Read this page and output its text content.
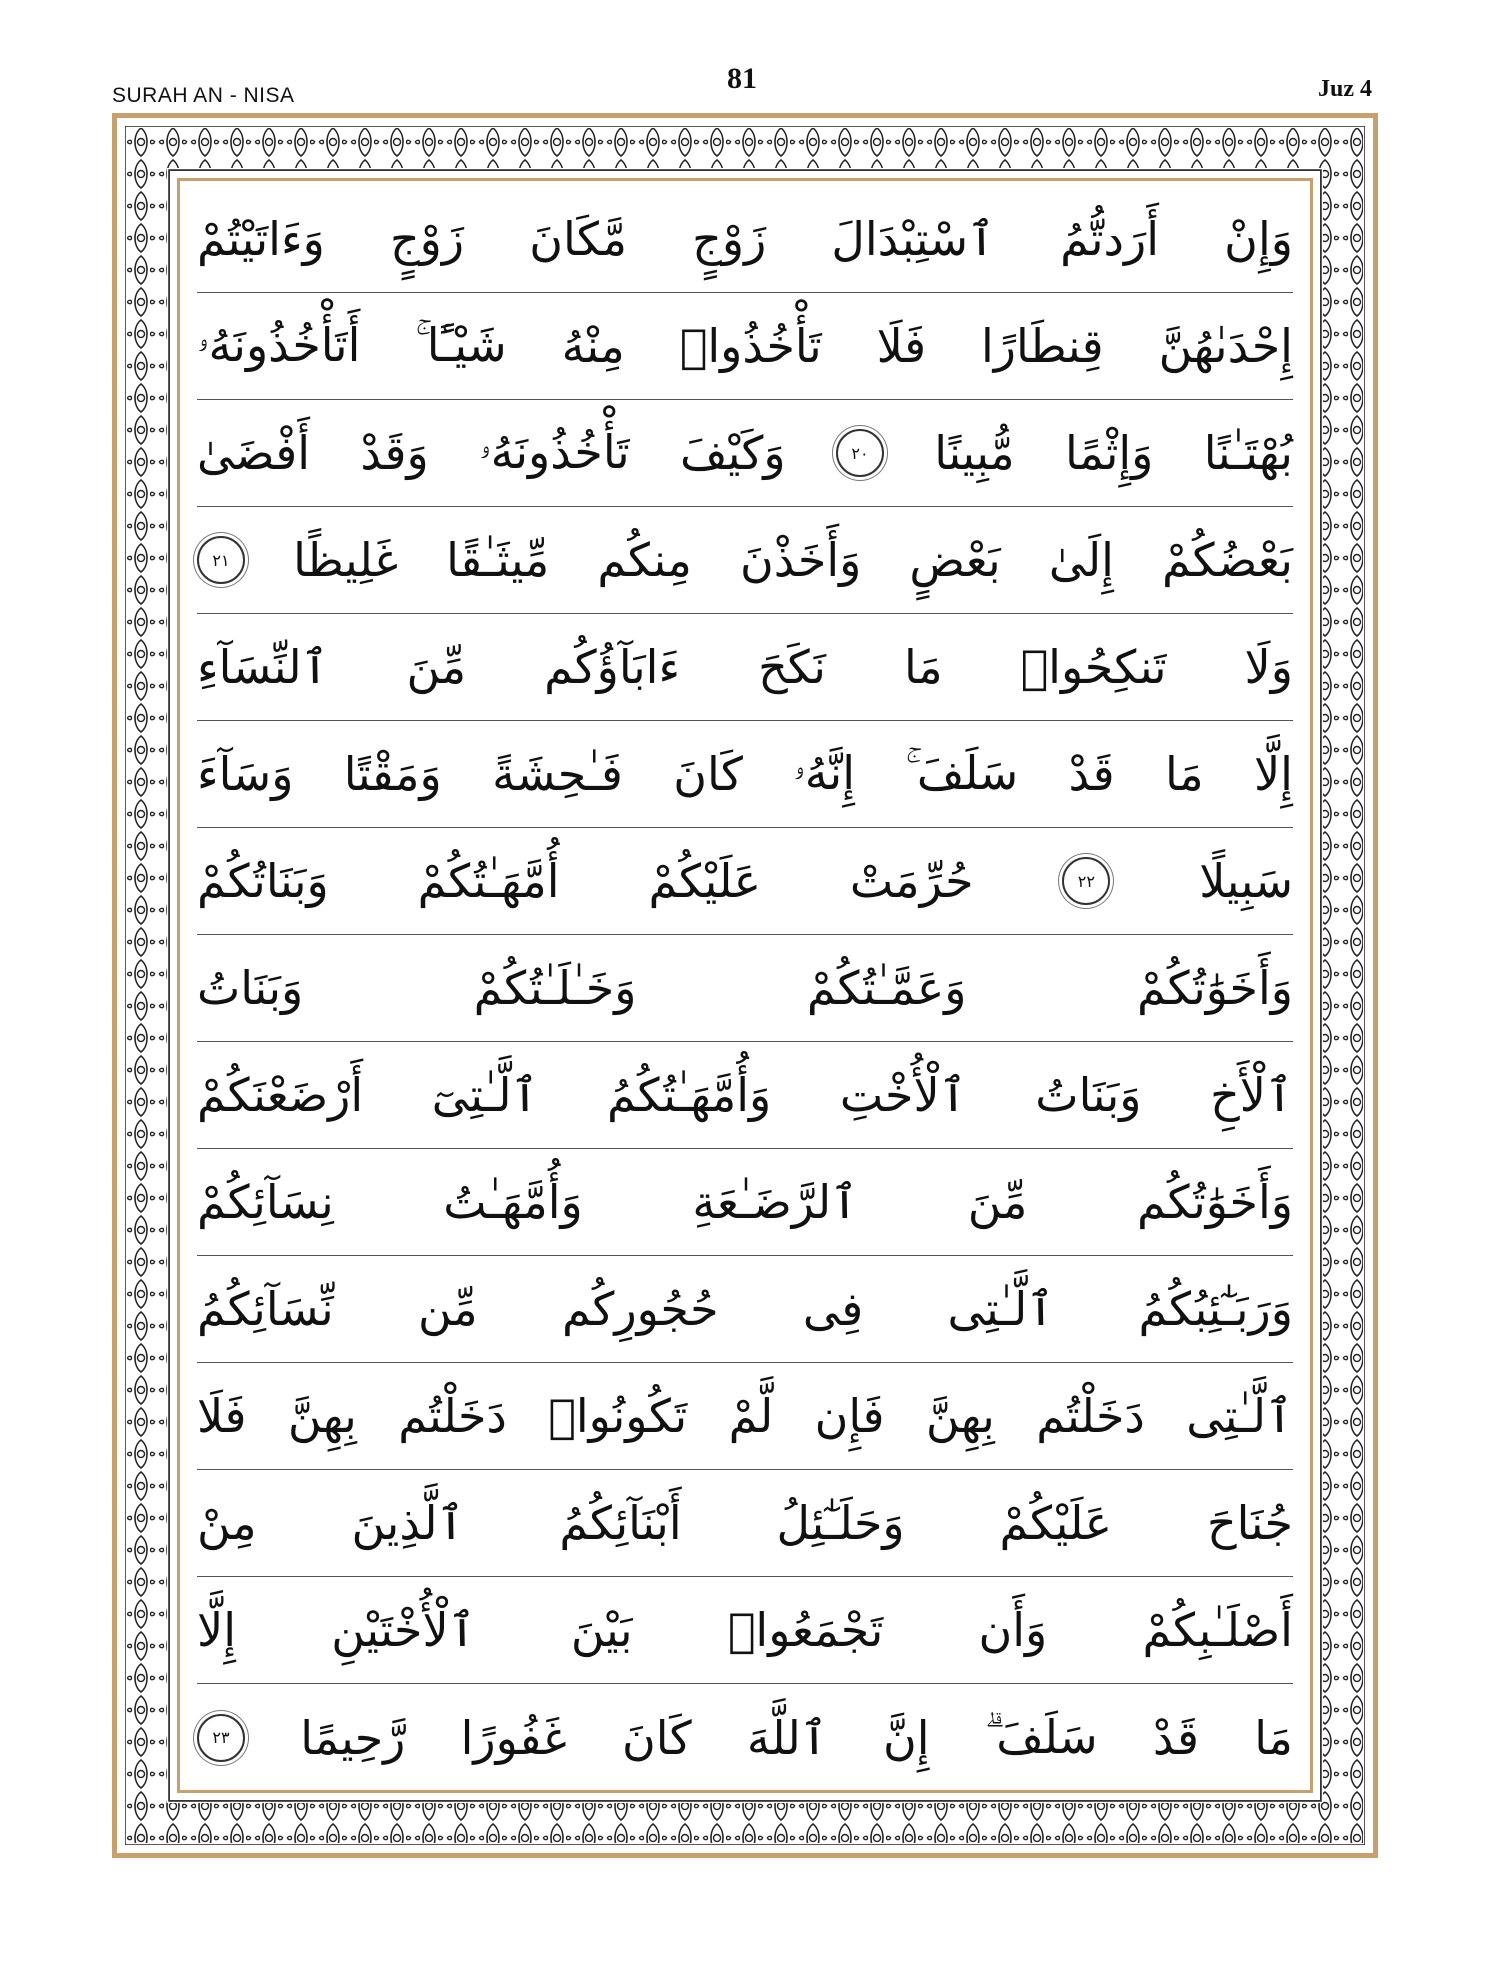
SURAH AN - NISA
81	Juz 4
وَإِنْ
أَرَدتُّمُ
ٱسْتِبْدَالَ
زَوْجٍ
مَّكَانَ
زَوْجٍ
وَءَاتَيْتُمْ
إِحْدَىٰهُنَّ
قِنطَارًا
فَلَا
تَأْخُذُوا۟
مِنْهُ
شَيْـًٔا ۚ
أَتَأْخُذُونَهُۥ
بُهْتَـٰنًا
وَإِثْمًا
مُّبِينًا
٢٠
وَكَيْفَ
تَأْخُذُونَهُۥ
وَقَدْ
أَفْضَىٰ
بَعْضُكُمْ
إِلَىٰ
بَعْضٍ
وَأَخَذْنَ
مِنكُم
مِّيثَـٰقًا
غَلِيظًا
٢١
وَلَا
تَنكِحُوا۟
مَا
نَكَحَ
ءَابَآؤُكُم
مِّنَ
ٱلنِّسَآءِ
إِلَّا
مَا
قَدْ
سَلَفَ ۚ
إِنَّهُۥ
كَانَ
فَـٰحِشَةً
وَمَقْتًا
وَسَآءَ
سَبِيلًا
٢٢
حُرِّمَتْ
عَلَيْكُمْ
أُمَّهَـٰتُكُمْ
وَبَنَاتُكُمْ
وَأَخَوَٰتُكُمْ
وَعَمَّـٰتُكُمْ
وَخَـٰلَـٰتُكُمْ
وَبَنَاتُ
ٱلْأَخِ
وَبَنَاتُ
ٱلْأُخْتِ
وَأُمَّهَـٰتُكُمُ
ٱلَّـٰتِىٓ
أَرْضَعْنَكُمْ
وَأَخَوَٰتُكُم
مِّنَ
ٱلرَّضَـٰعَةِ
وَأُمَّهَـٰتُ
نِسَآئِكُمْ
وَرَبَـٰٓئِبُكُمُ
ٱلَّـٰتِى
فِى
حُجُورِكُم
مِّن
نِّسَآئِكُمُ
ٱلَّـٰتِى
دَخَلْتُم
بِهِنَّ
فَإِن
لَّمْ
تَكُونُوا۟
دَخَلْتُم
بِهِنَّ
فَلَا
جُنَاحَ
عَلَيْكُمْ
وَحَلَـٰٓئِلُ
أَبْنَآئِكُمُ
ٱلَّذِينَ
مِنْ
أَصْلَـٰبِكُمْ
وَأَن
تَجْمَعُوا۟
بَيْنَ
ٱلْأُخْتَيْنِ
إِلَّا
مَا
قَدْ
سَلَفَ ۗ
إِنَّ
ٱللَّهَ
كَانَ
غَفُورًا
رَّحِيمًا
٢٣
